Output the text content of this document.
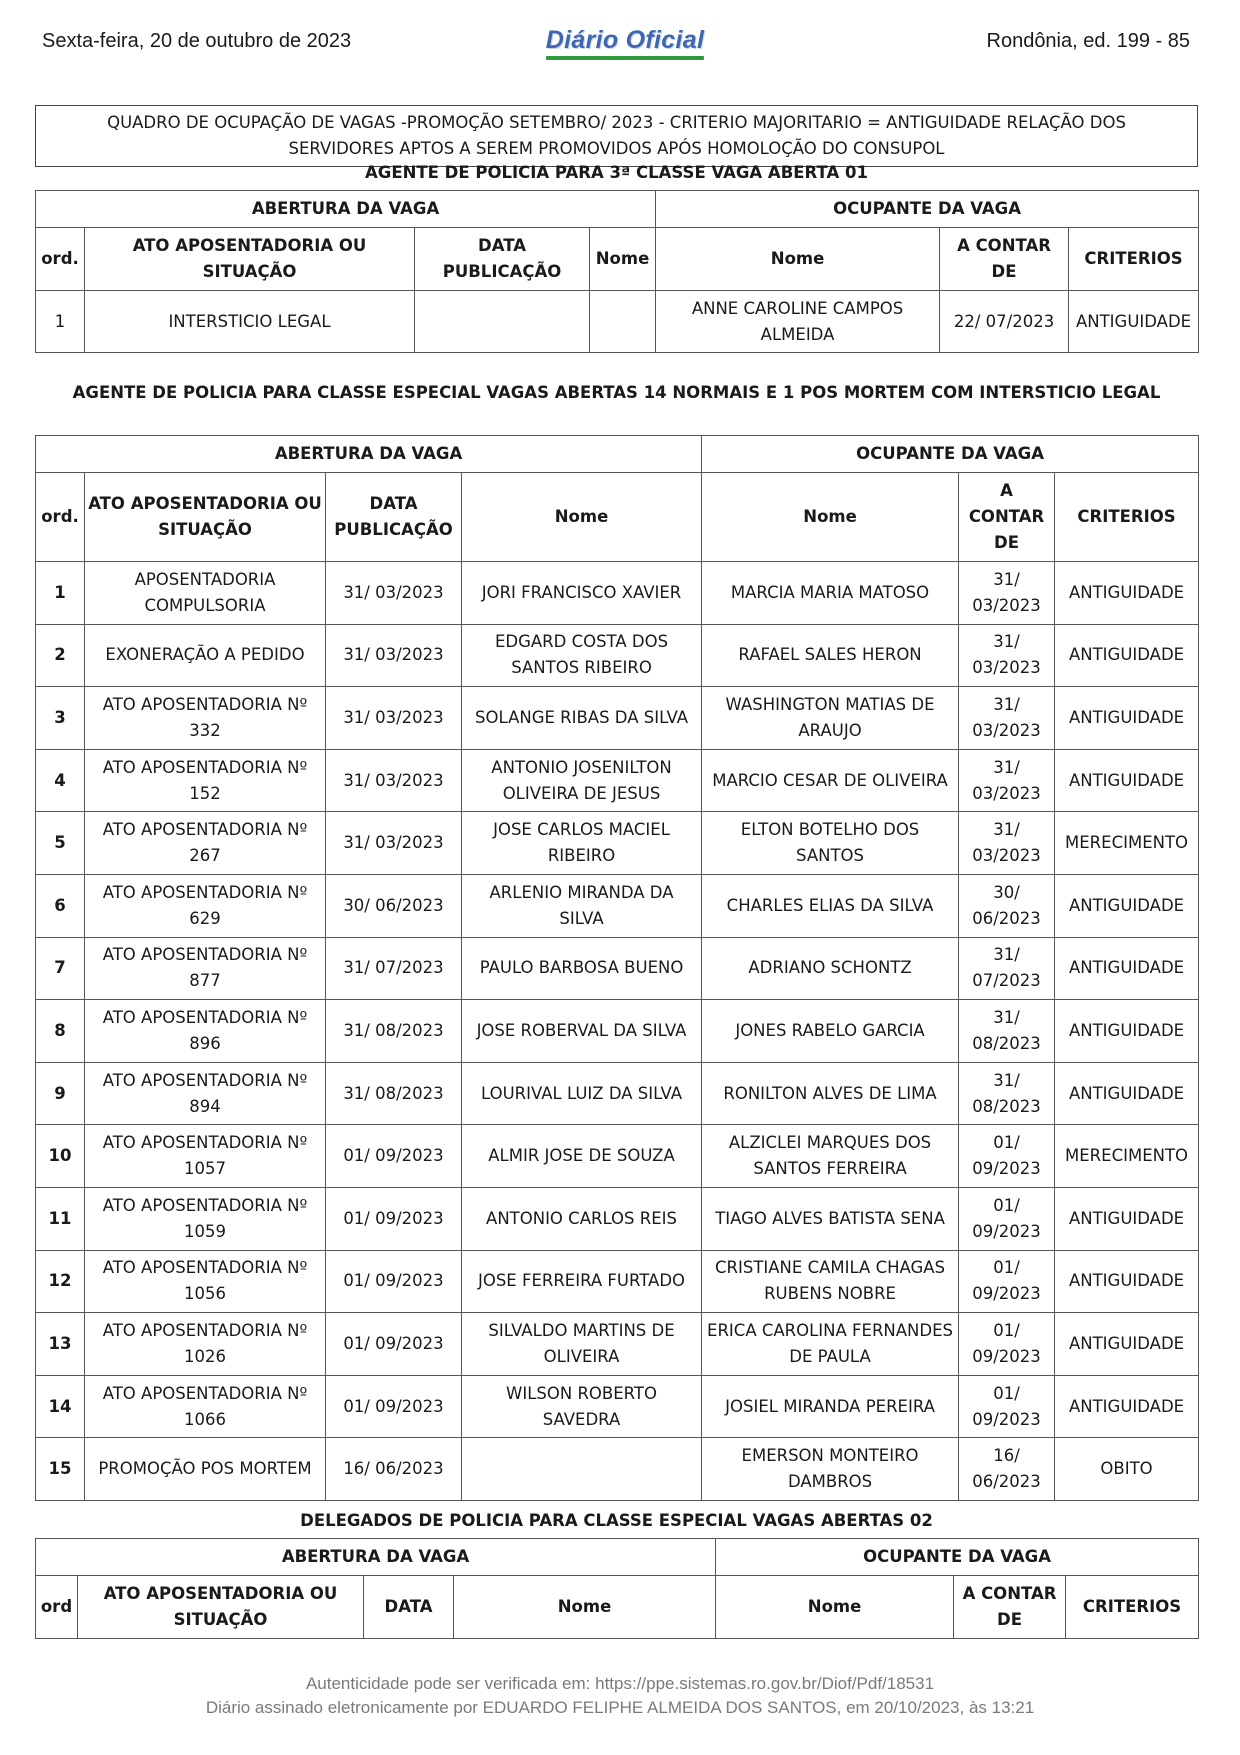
Sexta-feira, 20 de outubro de 2023	Diário Oficial	Rondônia, ed. 199 - 85
QUADRO DE OCUPAÇÃO DE VAGAS -PROMOÇÃO SETEMBRO/ 2023 - CRITERIO MAJORITARIO = ANTIGUIDADE RELAÇÃO DOS SERVIDORES APTOS A SEREM PROMOVIDOS APÓS HOMOLOÇÃO DO CONSUPOL
AGENTE DE POLICIA PARA 3ª CLASSE VAGA ABERTA 01
ABERTURA DA VAGA				OCUPANTE DA VAGA		
ord.	ATO APOSENTADORIA OU SITUAÇÃO	DATA PUBLICAÇÃO	Nome	Nome	A CONTAR DE	CRITERIOS
1	INTERSTICIO LEGAL			ANNE CAROLINE CAMPOS ALMEIDA	22/ 07/2023	ANTIGUIDADE
AGENTE DE POLICIA PARA CLASSE ESPECIAL VAGAS ABERTAS 14 NORMAIS E 1 POS MORTEM COM INTERSTICIO LEGAL
ABERTURA DA VAGA				OCUPANTE DA VAGA		
ord.	ATO APOSENTADORIA OU SITUAÇÃO	DATA PUBLICAÇÃO	Nome	Nome	A CONTAR DE	CRITERIOS
1	APOSENTADORIA COMPULSORIA	31/ 03/2023	JORI FRANCISCO XAVIER	MARCIA MARIA MATOSO	31/ 03/2023	ANTIGUIDADE
2	EXONERAÇÃO A PEDIDO	31/ 03/2023	EDGARD COSTA DOS SANTOS RIBEIRO	RAFAEL SALES HERON	31/ 03/2023	ANTIGUIDADE
3	ATO APOSENTADORIA Nº 332	31/ 03/2023	SOLANGE RIBAS DA SILVA	WASHINGTON MATIAS DE ARAUJO	31/ 03/2023	ANTIGUIDADE
4	ATO APOSENTADORIA Nº 152	31/ 03/2023	ANTONIO JOSENILTON OLIVEIRA DE JESUS	MARCIO CESAR DE OLIVEIRA	31/ 03/2023	ANTIGUIDADE
5	ATO APOSENTADORIA Nº 267	31/ 03/2023	JOSE CARLOS MACIEL RIBEIRO	ELTON BOTELHO DOS SANTOS	31/ 03/2023	MERECIMENTO
6	ATO APOSENTADORIA Nº 629	30/ 06/2023	ARLENIO MIRANDA DA SILVA	CHARLES ELIAS DA SILVA	30/ 06/2023	ANTIGUIDADE
7	ATO APOSENTADORIA Nº 877	31/ 07/2023	PAULO BARBOSA BUENO	ADRIANO SCHONTZ	31/ 07/2023	ANTIGUIDADE
8	ATO APOSENTADORIA Nº 896	31/ 08/2023	JOSE ROBERVAL DA SILVA	JONES RABELO GARCIA	31/ 08/2023	ANTIGUIDADE
9	ATO APOSENTADORIA Nº 894	31/ 08/2023	LOURIVAL LUIZ DA SILVA	RONILTON ALVES DE LIMA	31/ 08/2023	ANTIGUIDADE
10	ATO APOSENTADORIA Nº 1057	01/ 09/2023	ALMIR JOSE DE SOUZA	ALZICLEI MARQUES DOS SANTOS FERREIRA	01/ 09/2023	MERECIMENTO
11	ATO APOSENTADORIA Nº 1059	01/ 09/2023	ANTONIO CARLOS REIS	TIAGO ALVES BATISTA SENA	01/ 09/2023	ANTIGUIDADE
12	ATO APOSENTADORIA Nº 1056	01/ 09/2023	JOSE FERREIRA FURTADO	CRISTIANE CAMILA CHAGAS RUBENS NOBRE	01/ 09/2023	ANTIGUIDADE
13	ATO APOSENTADORIA Nº 1026	01/ 09/2023	SILVALDO MARTINS DE OLIVEIRA	ERICA CAROLINA FERNANDES DE PAULA	01/ 09/2023	ANTIGUIDADE
14	ATO APOSENTADORIA Nº 1066	01/ 09/2023	WILSON ROBERTO SAVEDRA	JOSIEL MIRANDA PEREIRA	01/ 09/2023	ANTIGUIDADE
15	PROMOÇÃO POS MORTEM	16/ 06/2023		EMERSON MONTEIRO DAMBROS	16/ 06/2023	OBITO
DELEGADOS DE POLICIA PARA CLASSE ESPECIAL VAGAS ABERTAS 02
ABERTURA DA VAGA				OCUPANTE DA VAGA		
ord	ATO APOSENTADORIA OU SITUAÇÃO	DATA	Nome	Nome	A CONTAR DE	CRITERIOS
Autenticidade pode ser verificada em: https://ppe.sistemas.ro.gov.br/Diof/Pdf/18531
Diário assinado eletronicamente por EDUARDO FELIPHE ALMEIDA DOS SANTOS, em 20/10/2023, às 13:21
